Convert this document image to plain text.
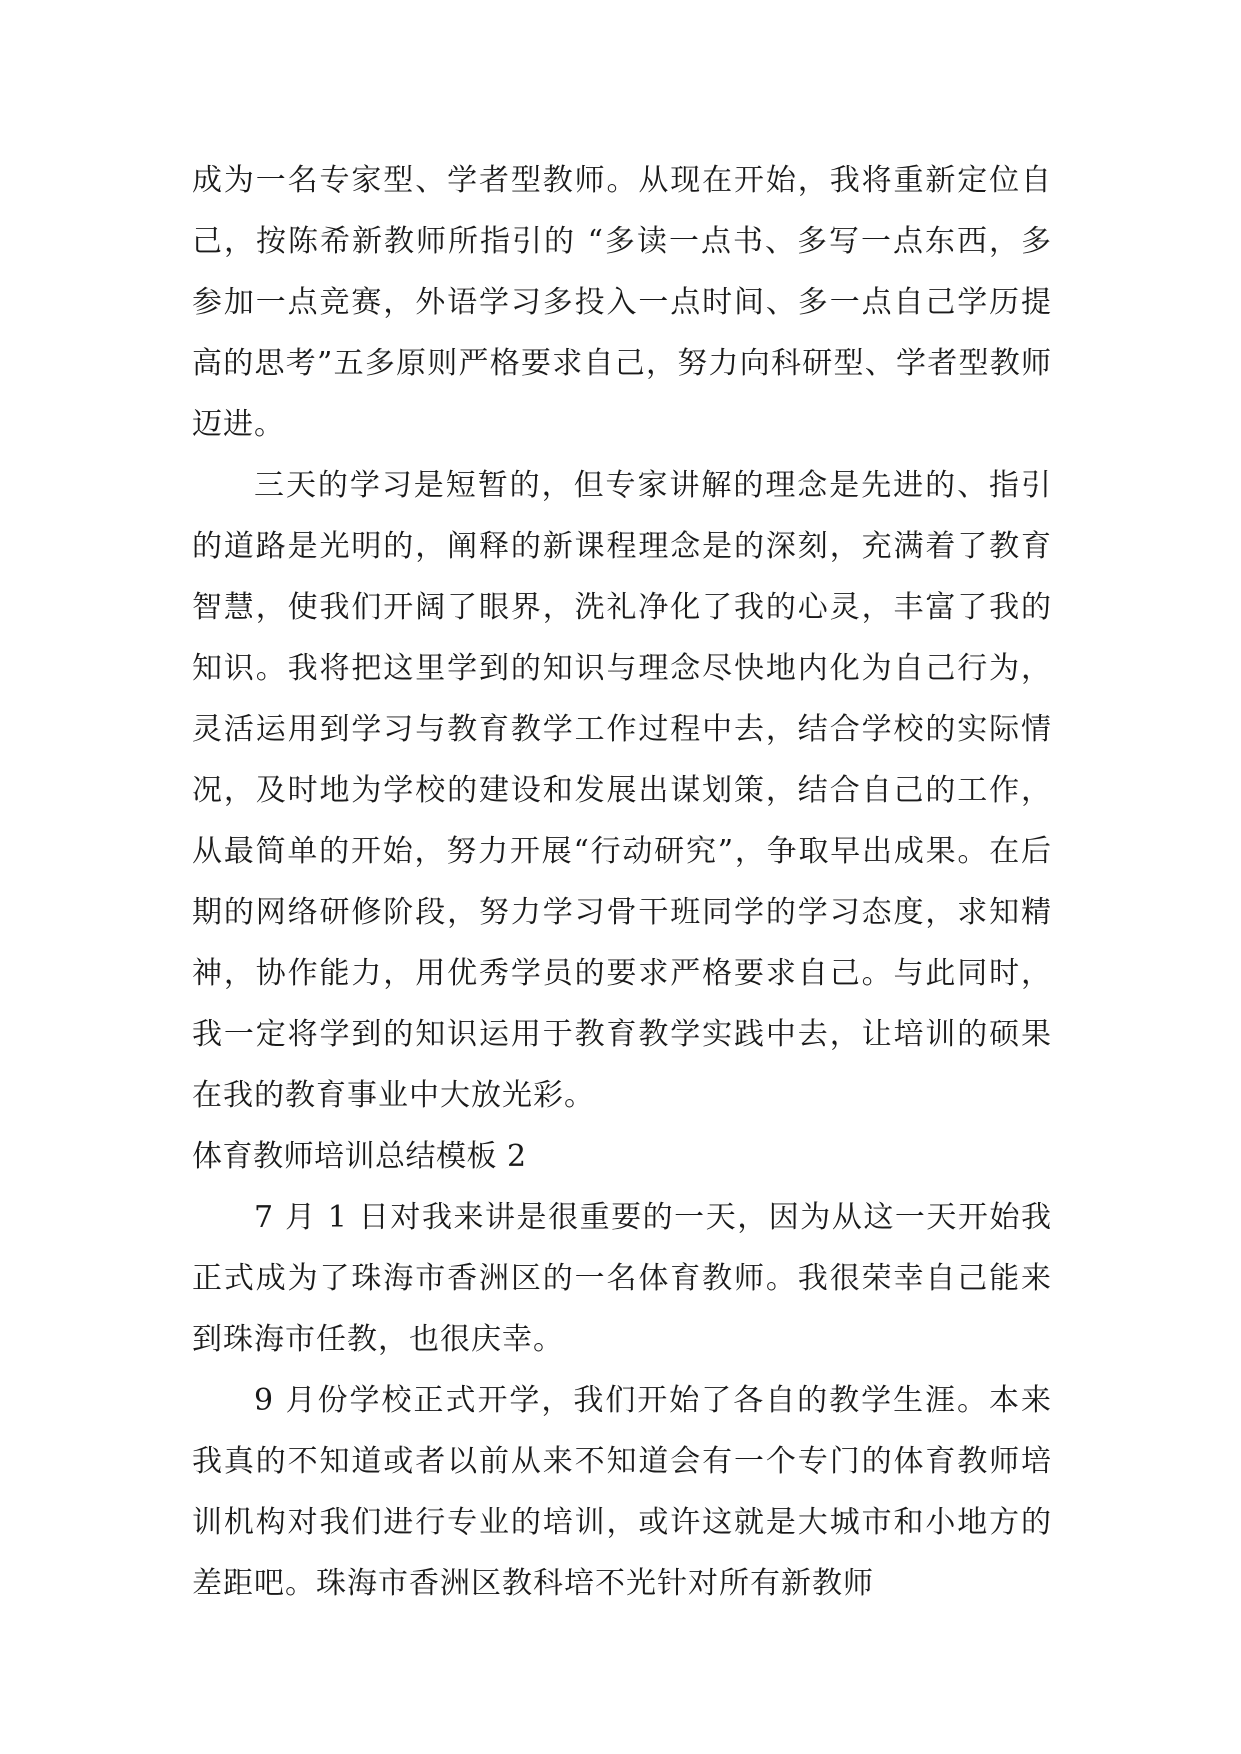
成为一名专家型、学者型教师。从现在开始，我将重新定位自己，按陈希新教师所指引的 “多读一点书、多写一点东西，多参加一点竞赛，外语学习多投入一点时间、多一点自己学历提高的思考”五多原则严格要求自己，努力向科研型、学者型教师迈进。

三天的学习是短暂的，但专家讲解的理念是先进的、指引的道路是光明的，阐释的新课程理念是的深刻，充满着了教育智慧，使我们开阔了眼界，洗礼净化了我的心灵，丰富了我的知识。我将把这里学到的知识与理念尽快地内化为自己行为，灵活运用到学习与教育教学工作过程中去，结合学校的实际情况，及时地为学校的建设和发展出谋划策，结合自己的工作，从最简单的开始，努力开展“行动研究”，争取早出成果。在后期的网络研修阶段，努力学习骨干班同学的学习态度，求知精神，协作能力，用优秀学员的要求严格要求自己。与此同时，我一定将学到的知识运用于教育教学实践中去，让培训的硕果在我的教育事业中大放光彩。

体育教师培训总结模板 2

7 月 1 日对我来讲是很重要的一天，因为从这一天开始我正式成为了珠海市香洲区的一名体育教师。我很荣幸自己能来到珠海市任教，也很庆幸。

9 月份学校正式开学，我们开始了各自的教学生涯。本来我真的不知道或者以前从来不知道会有一个专门的体育教师培训机构对我们进行专业的培训，或许这就是大城市和小地方的差距吧。珠海市香洲区教科培不光针对所有新教师
